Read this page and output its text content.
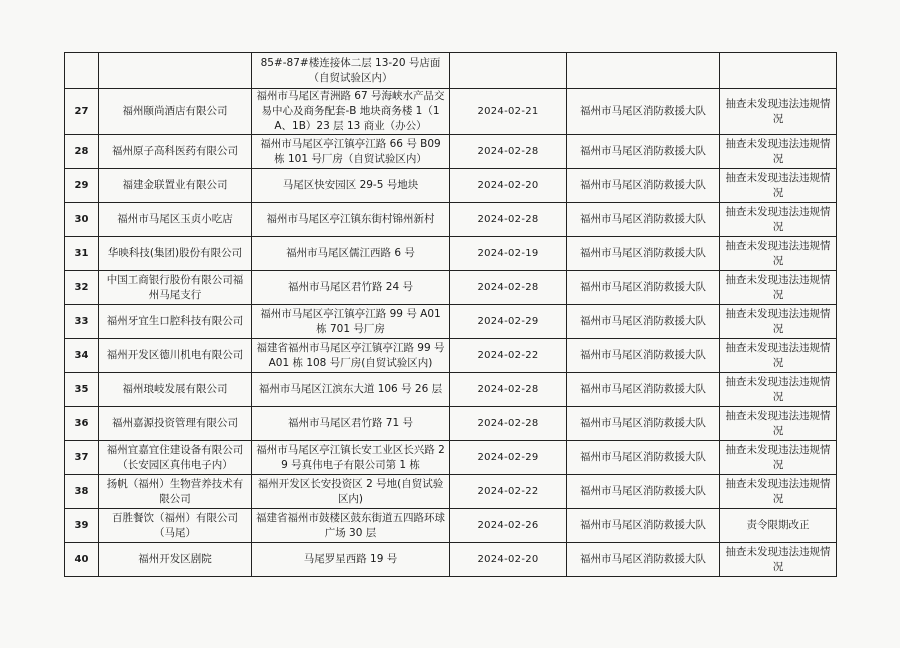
		85#-87#楼连接体二层 13-20 号店面（自贸试验区内）			
27	福州颐尚酒店有限公司	福州市马尾区青洲路 67 号海峡水产品交易中心及商务配套-B 地块商务楼 1（1A、1B）23 层 13 商业（办公）	2024-02-21	福州市马尾区消防救援大队	抽查未发现违法违规情况
28	福州原子高科医药有限公司	福州市马尾区亭江镇亭江路 66 号 B09 栋 101 号厂房（自贸试验区内）	2024-02-28	福州市马尾区消防救援大队	抽查未发现违法违规情况
29	福建金联置业有限公司	马尾区快安园区 29-5 号地块	2024-02-20	福州市马尾区消防救援大队	抽查未发现违法违规情况
30	福州市马尾区玉贞小吃店	福州市马尾区亭江镇东街村锦州新村	2024-02-28	福州市马尾区消防救援大队	抽查未发现违法违规情况
31	华映科技(集团)股份有限公司	福州市马尾区儒江西路 6 号	2024-02-19	福州市马尾区消防救援大队	抽查未发现违法违规情况
32	中国工商银行股份有限公司福州马尾支行	福州市马尾区君竹路 24 号	2024-02-28	福州市马尾区消防救援大队	抽查未发现违法违规情况
33	福州牙宜生口腔科技有限公司	福州市马尾区亭江镇亭江路 99 号 A01 栋 701 号厂房	2024-02-29	福州市马尾区消防救援大队	抽查未发现违法违规情况
34	福州开发区德川机电有限公司	福建省福州市马尾区亭江镇亭江路 99 号 A01 栋 108 号厂房(自贸试验区内)	2024-02-22	福州市马尾区消防救援大队	抽查未发现违法违规情况
35	福州琅岐发展有限公司	福州市马尾区江滨东大道 106 号 26 层	2024-02-28	福州市马尾区消防救援大队	抽查未发现违法违规情况
36	福州嘉源投资管理有限公司	福州市马尾区君竹路 71 号	2024-02-28	福州市马尾区消防救援大队	抽查未发现违法违规情况
37	福州宜嘉宜住建设备有限公司（长安园区真伟电子内）	福州市马尾区亭江镇长安工业区长兴路 29 号真伟电子有限公司第 1 栋	2024-02-29	福州市马尾区消防救援大队	抽查未发现违法违规情况
38	扬帆（福州）生物营养技术有限公司	福州开发区长安投资区 2 号地(自贸试验区内)	2024-02-22	福州市马尾区消防救援大队	抽查未发现违法违规情况
39	百胜餐饮（福州）有限公司（马尾）	福建省福州市鼓楼区鼓东街道五四路环球广场 30 层	2024-02-26	福州市马尾区消防救援大队	责令限期改正
40	福州开发区剧院	马尾罗星西路 19 号	2024-02-20	福州市马尾区消防救援大队	抽查未发现违法违规情况
